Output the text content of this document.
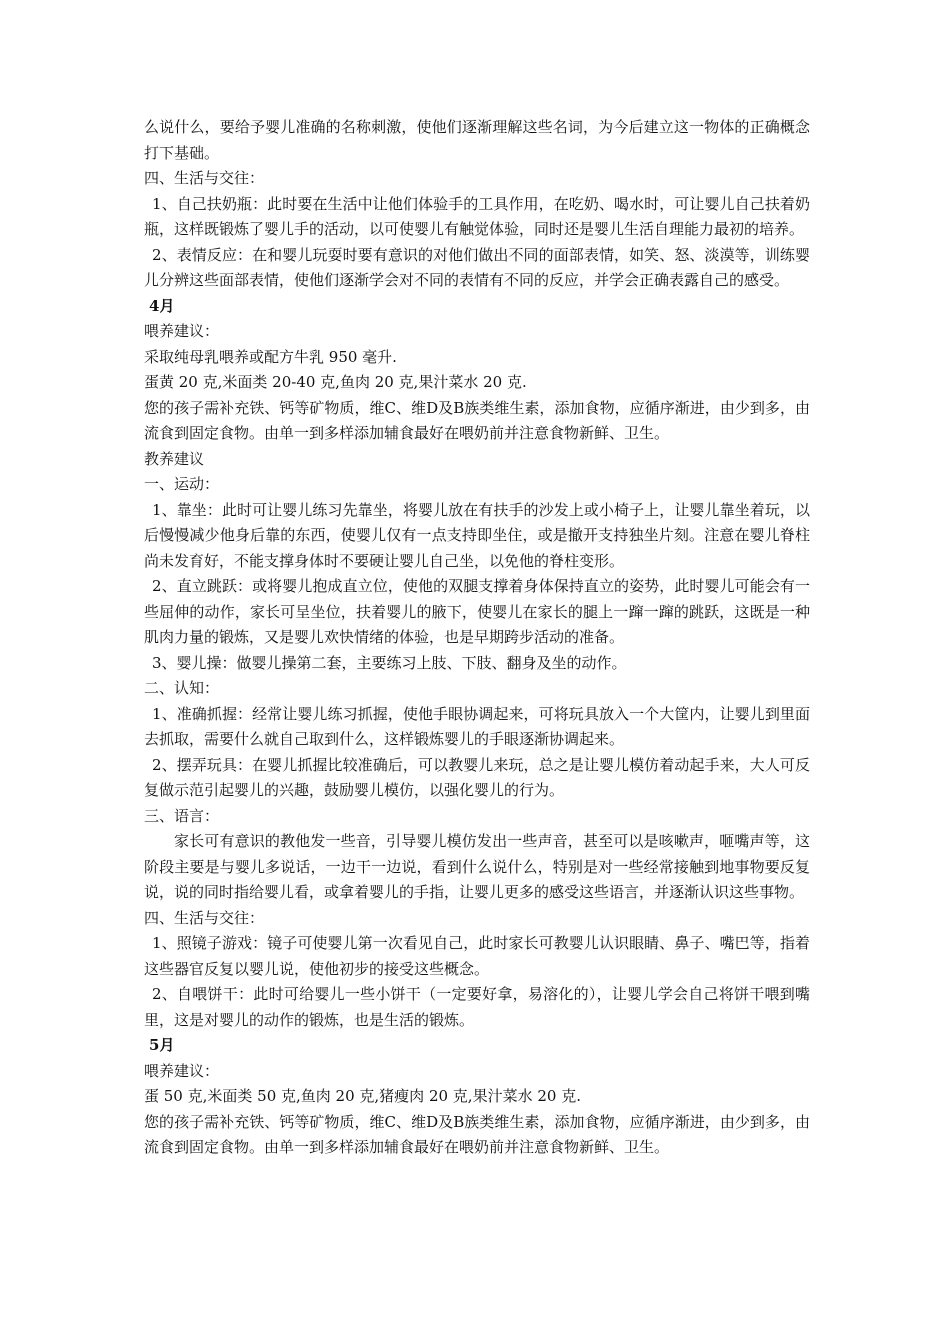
么说什么，要给予婴儿准确的名称刺激，使他们逐渐理解这些名词，为今后建立这一物体的正确概念打下基础。

四、生活与交往：

1、自己扶奶瓶：此时要在生活中让他们体验手的工具作用，在吃奶、喝水时，可让婴儿自己扶着奶瓶，这样既锻炼了婴儿手的活动，以可使婴儿有触觉体验，同时还是婴儿生活自理能力最初的培养。

2、表情反应：在和婴儿玩耍时要有意识的对他们做出不同的面部表情，如笑、怒、淡漠等，训练婴儿分辨这些面部表情，使他们逐渐学会对不同的表情有不同的反应，并学会正确表露自己的感受。

4月

喂养建议：

采取纯母乳喂养或配方牛乳 950 毫升.

蛋黄 20 克,米面类 20-40 克,鱼肉 20 克,果汁菜水 20 克.

您的孩子需补充铁、钙等矿物质，维C、维D及B族类维生素，添加食物，应循序渐进，由少到多，由流食到固定食物。由单一到多样添加辅食最好在喂奶前并注意食物新鲜、卫生。

教养建议

一、运动：

1、靠坐：此时可让婴儿练习先靠坐，将婴儿放在有扶手的沙发上或小椅子上，让婴儿靠坐着玩，以后慢慢减少他身后靠的东西，使婴儿仅有一点支持即坐住，或是撤开支持独坐片刻。注意在婴儿脊柱尚未发育好，不能支撑身体时不要硬让婴儿自己坐，以免他的脊柱变形。

2、直立跳跃：或将婴儿抱成直立位，使他的双腿支撑着身体保持直立的姿势，此时婴儿可能会有一些屈伸的动作，家长可呈坐位，扶着婴儿的腋下，使婴儿在家长的腿上一蹿一蹿的跳跃，这既是一种肌肉力量的锻炼，又是婴儿欢快情绪的体验，也是早期跨步活动的准备。

3、婴儿操：做婴儿操第二套，主要练习上肢、下肢、翻身及坐的动作。

二、认知：

1、准确抓握：经常让婴儿练习抓握，使他手眼协调起来，可将玩具放入一个大筐内，让婴儿到里面去抓取，需要什么就自己取到什么，这样锻炼婴儿的手眼逐渐协调起来。

2、摆弄玩具：在婴儿抓握比较准确后，可以教婴儿来玩，总之是让婴儿模仿着动起手来，大人可反复做示范引起婴儿的兴趣，鼓励婴儿模仿，以强化婴儿的行为。

三、语言：

家长可有意识的教他发一些音，引导婴儿模仿发出一些声音，甚至可以是咳嗽声，咂嘴声等，这阶段主要是与婴儿多说话，一边干一边说，看到什么说什么，特别是对一些经常接触到地事物要反复说，说的同时指给婴儿看，或拿着婴儿的手指，让婴儿更多的感受这些语言，并逐渐认识这些事物。

四、生活与交往：

1、照镜子游戏：镜子可使婴儿第一次看见自己，此时家长可教婴儿认识眼睛、鼻子、嘴巴等，指着这些器官反复以婴儿说，使他初步的接受这些概念。

2、自喂饼干：此时可给婴儿一些小饼干（一定要好拿，易溶化的），让婴儿学会自己将饼干喂到嘴里，这是对婴儿的动作的锻炼，也是生活的锻炼。

5月

喂养建议：

蛋 50 克,米面类 50 克,鱼肉 20 克,猪瘦肉 20 克,果汁菜水 20 克.

您的孩子需补充铁、钙等矿物质，维C、维D及B族类维生素，添加食物，应循序渐进，由少到多，由流食到固定食物。由单一到多样添加辅食最好在喂奶前并注意食物新鲜、卫生。
